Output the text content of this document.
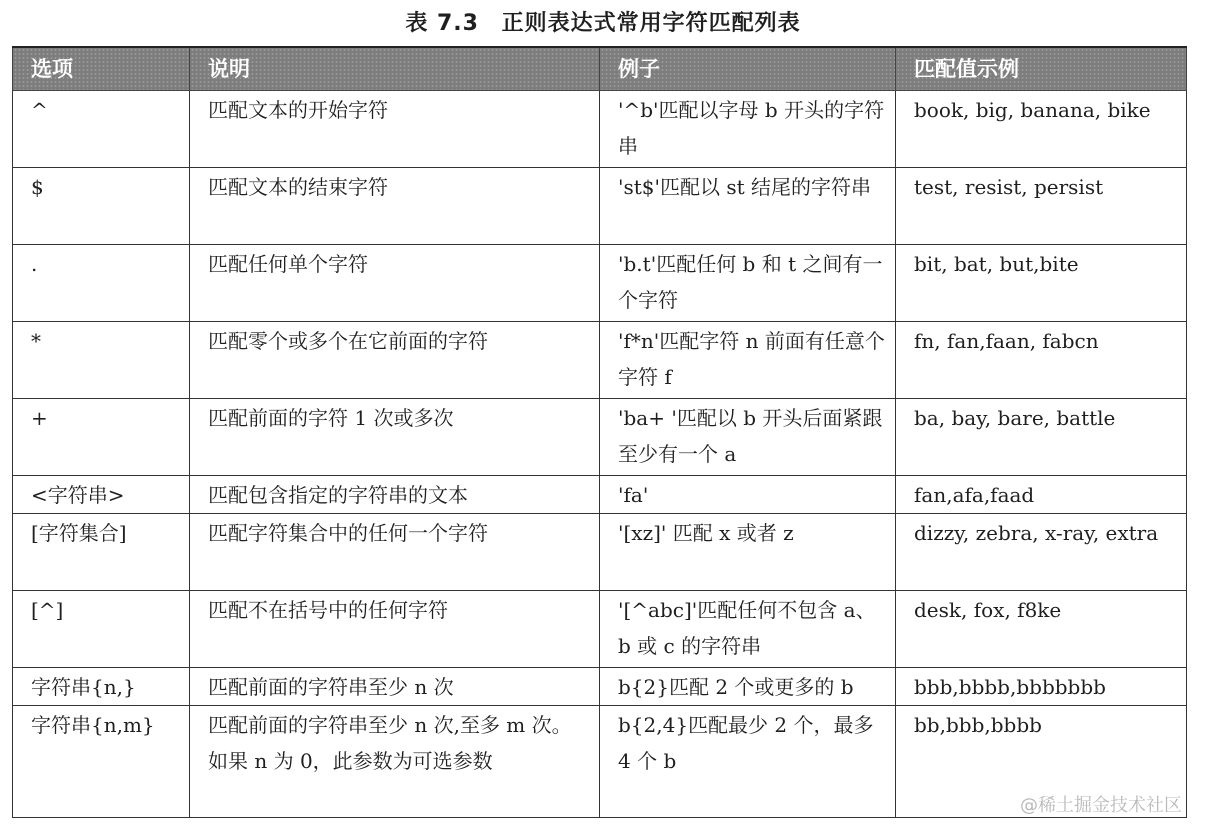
表 7.3 正则表达式常用字符匹配列表
选项	说明	例子	匹配值示例
^	匹配文本的开始字符	'^b'匹配以字母 b 开头的字符串	book, big, banana, bike
$	匹配文本的结束字符	'st$'匹配以 st 结尾的字符串	test, resist, persist
.	匹配任何单个字符	'b.t'匹配任何 b 和 t 之间有一个字符	bit, bat, but,bite
*	匹配零个或多个在它前面的字符	'f*n'匹配字符 n 前面有任意个字符 f	fn, fan,faan, fabcn
+	匹配前面的字符 1 次或多次	'ba+ '匹配以 b 开头后面紧跟至少有一个 a	ba, bay, bare, battle
<字符串>	匹配包含指定的字符串的文本	'fa'	fan,afa,faad
[字符集合]	匹配字符集合中的任何一个字符	'[xz]' 匹配 x 或者 z	dizzy, zebra, x-ray, extra
[^]	匹配不在括号中的任何字符	'[^abc]'匹配任何不包含 a、b 或 c 的字符串	desk, fox, f8ke
字符串{n,}	匹配前面的字符串至少 n 次	b{2}匹配 2 个或更多的 b	bbb,bbbb,bbbbbbb
字符串{n,m}	匹配前面的字符串至少 n 次,至多 m 次。如果 n 为 0，此参数为可选参数	b{2,4}匹配最少 2 个，最多 4 个 b	bb,bbb,bbbb
@稀土掘金技术社区
